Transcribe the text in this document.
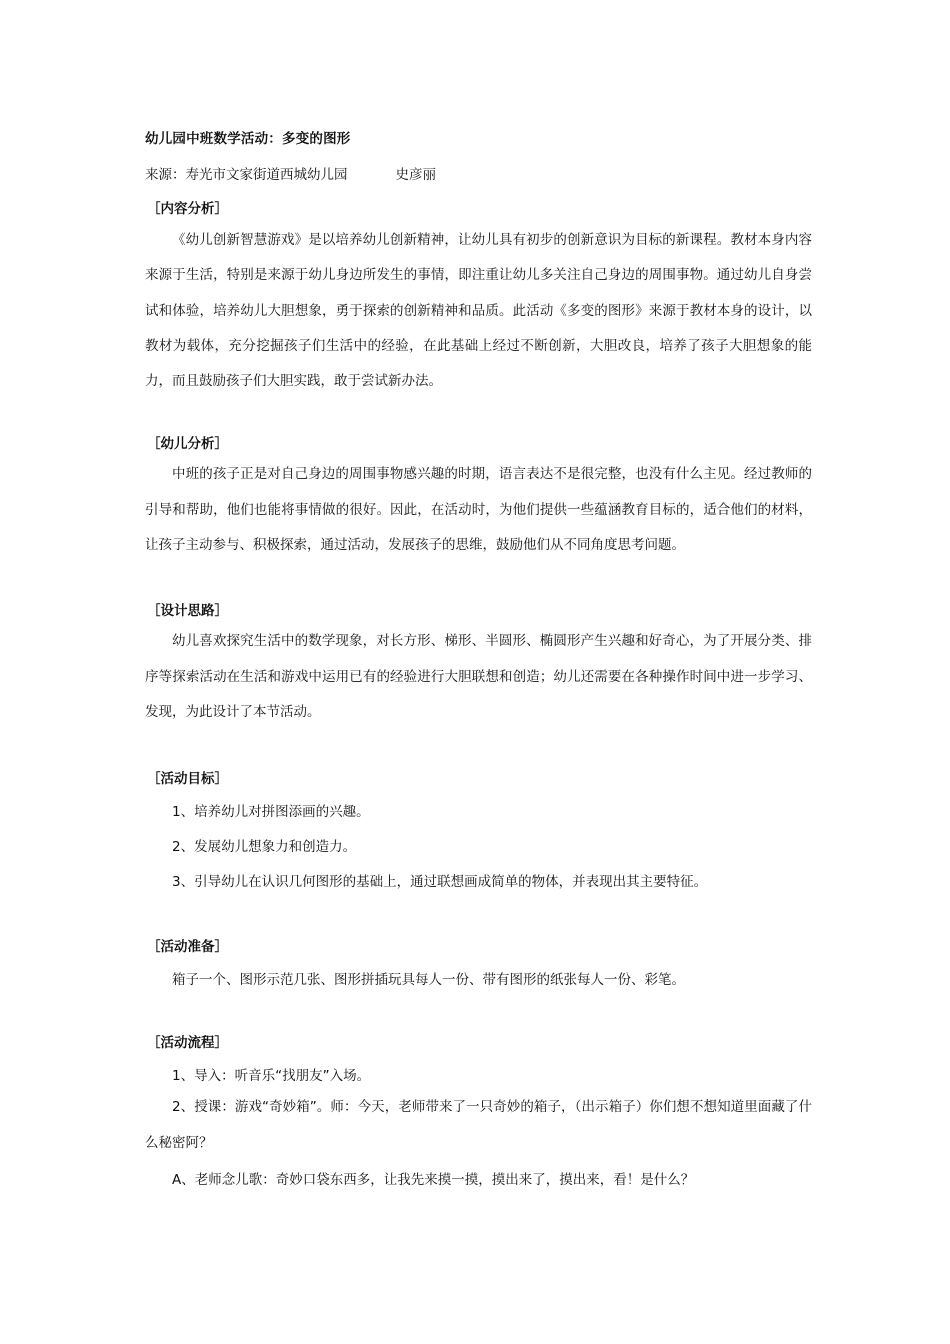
幼儿园中班数学活动：多变的图形
来源：寿光市文家街道西城幼儿园	史彦丽
［内容分析］
《幼儿创新智慧游戏》是以培养幼儿创新精神，让幼儿具有初步的创新意识为目标的新课程。教材本身内容来源于生活，特别是来源于幼儿身边所发生的事情，即注重让幼儿多关注自己身边的周围事物。通过幼儿自身尝试和体验，培养幼儿大胆想象，勇于探索的创新精神和品质。此活动《多变的图形》来源于教材本身的设计，以教材为载体，充分挖掘孩子们生活中的经验，在此基础上经过不断创新，大胆改良，培养了孩子大胆想象的能力，而且鼓励孩子们大胆实践，敢于尝试新办法。
［幼儿分析］
中班的孩子正是对自己身边的周围事物感兴趣的时期，语言表达不是很完整，也没有什么主见。经过教师的引导和帮助，他们也能将事情做的很好。因此，在活动时，为他们提供一些蕴涵教育目标的，适合他们的材料，让孩子主动参与、积极探索，通过活动，发展孩子的思维，鼓励他们从不同角度思考问题。
［设计思路］
幼儿喜欢探究生活中的数学现象，对长方形、梯形、半圆形、椭圆形产生兴趣和好奇心，为了开展分类、排序等探索活动在生活和游戏中运用已有的经验进行大胆联想和创造；幼儿还需要在各种操作时间中进一步学习、发现，为此设计了本节活动。
［活动目标］
1、培养幼儿对拼图添画的兴趣。
2、发展幼儿想象力和创造力。
3、引导幼儿在认识几何图形的基础上，通过联想画成简单的物体，并表现出其主要特征。
［活动准备］
箱子一个、图形示范几张、图形拼插玩具每人一份、带有图形的纸张每人一份、彩笔。
［活动流程］
1、导入：听音乐“找朋友”入场。
2、授课：游戏“奇妙箱”。师：今天，老师带来了一只奇妙的箱子，（出示箱子）你们想不想知道里面藏了什么秘密阿？
A、老师念儿歌：奇妙口袋东西多，让我先来摸一摸，摸出来了，摸出来，看！是什么？
